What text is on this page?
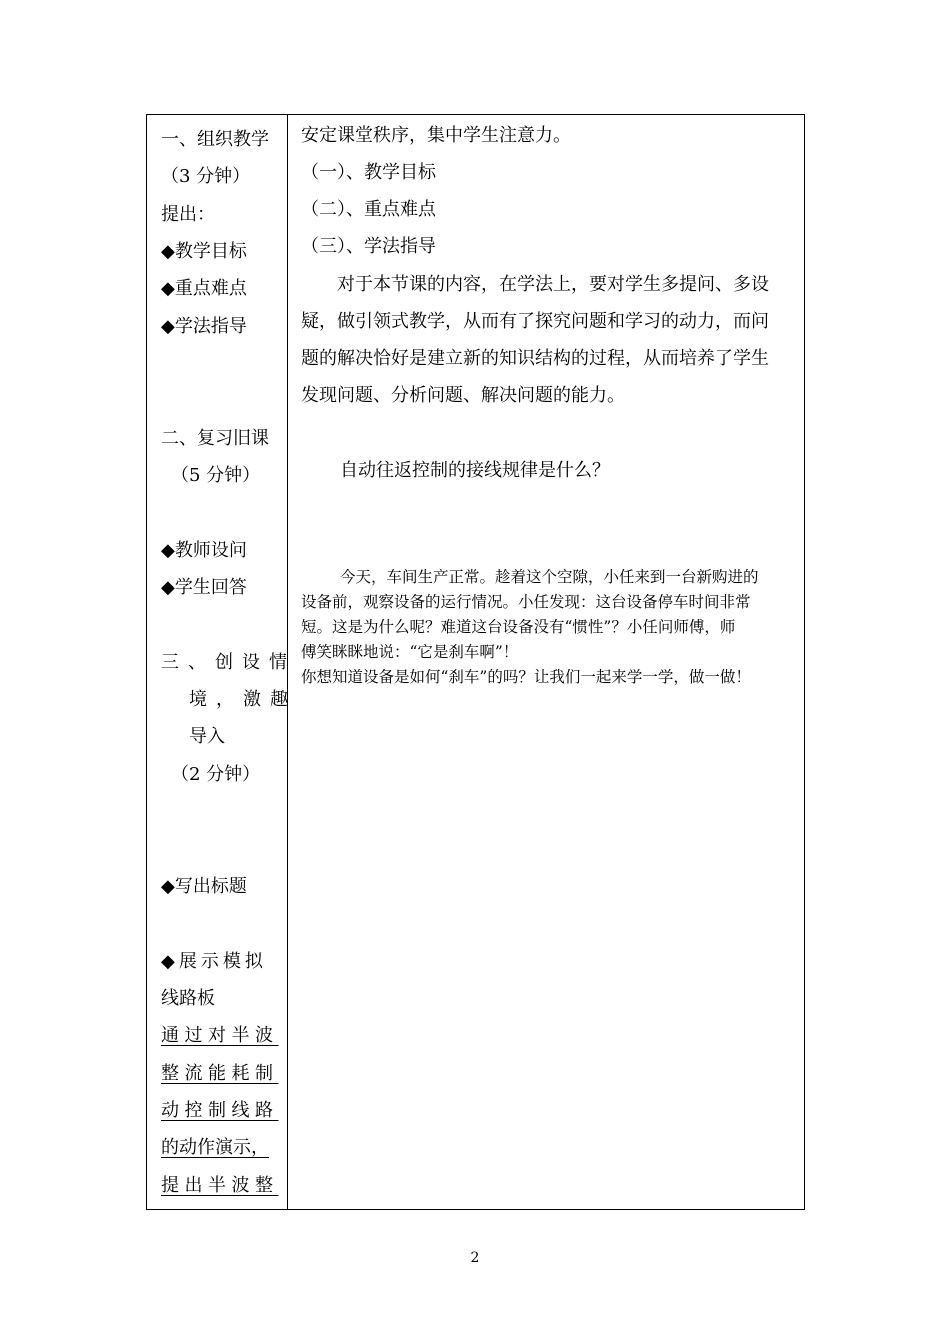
一、组织教学
（3 分钟）
提出：
◆教学目标
◆重点难点
◆学法指导
二、复习旧课
（5 分钟）
◆教师设问
◆学生回答
三、创设情
境，激趣
导入
（2 分钟）
◆写出标题
◆展示模拟
线路板
通过对半波
整流能耗制
动控制线路
的动作演示，
提出半波整
安定课堂秩序，集中学生注意力。
（一）、教学目标
（二）、重点难点
（三）、学法指导
对于本节课的内容，在学法上，要对学生多提问、多设
疑，做引领式教学，从而有了探究问题和学习的动力，而问
题的解决恰好是建立新的知识结构的过程，从而培养了学生
发现问题、分析问题、解决问题的能力。
自动往返控制的接线规律是什么？
今天，车间生产正常。趁着这个空隙，小任来到一台新购进的
设备前，观察设备的运行情况。小任发现：这台设备停车时间非常
短。这是为什么呢？难道这台设备没有“惯性”？小任问师傅，师
傅笑眯眯地说：“它是刹车啊”！
你想知道设备是如何“刹车”的吗？让我们一起来学一学，做一做！
2
